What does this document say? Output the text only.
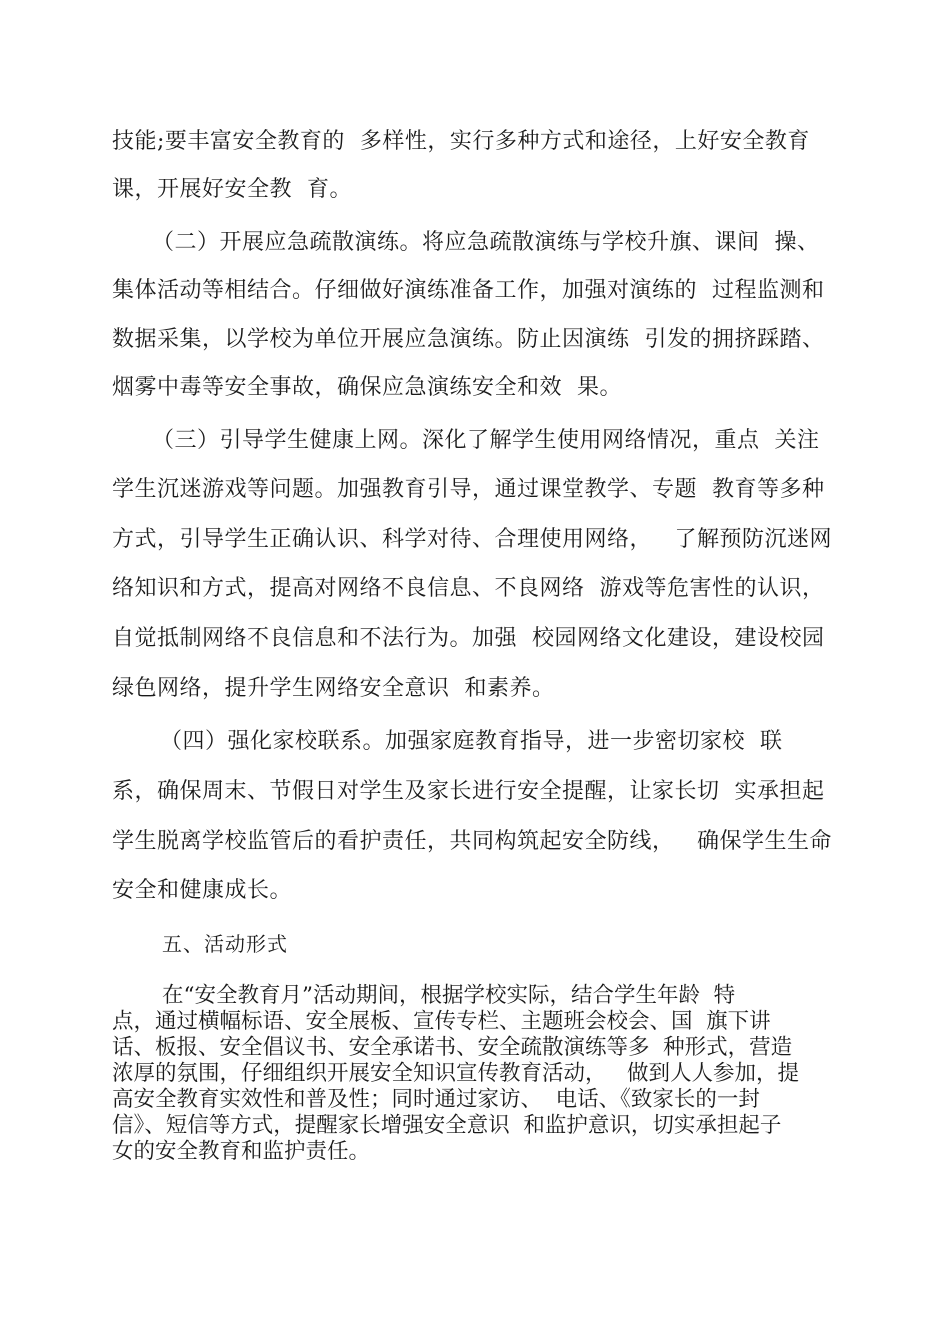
技能;要丰富安全教育的  多样性，实行多种方式和途径，上好安全教育

课，开展好安全教  育。

（二）开展应急疏散演练。将应急疏散演练与学校升旗、课间  操、

集体活动等相结合。仔细做好演练准备工作，加强对演练的  过程监测和

数据采集，以学校为单位开展应急演练。防止因演练  引发的拥挤踩踏、

烟雾中毒等安全事故，确保应急演练安全和效  果。

（三）引导学生健康上网。深化了解学生使用网络情况，重点  关注

学生沉迷游戏等问题。加强教育引导，通过课堂教学、专题  教育等多种

方式，引导学生正确认识、科学对待、合理使用网络，   了解预防沉迷网

络知识和方式，提高对网络不良信息、不良网络  游戏等危害性的认识，

自觉抵制网络不良信息和不法行为。加强  校园网络文化建设，建设校园

绿色网络，提升学生网络安全意识  和素养。

（四）强化家校联系。加强家庭教育指导，进一步密切家校  联

系，确保周末、节假日对学生及家长进行安全提醒，让家长切  实承担起

学生脱离学校监管后的看护责任，共同构筑起安全防线，   确保学生生命

安全和健康成长。

五、活动形式

在“安全教育月”活动期间，根据学校实际，结合学生年龄  特

点，通过横幅标语、安全展板、宣传专栏、主题班会校会、国  旗下讲

话、板报、安全倡议书、安全承诺书、安全疏散演练等多  种形式，营造

浓厚的氛围，仔细组织开展安全知识宣传教育活动，   做到人人参加，提

高安全教育实效性和普及性；同时通过家访、  电话、《致家长的一封

信》、短信等方式，提醒家长增强安全意识  和监护意识，切实承担起子

女的安全教育和监护责任。
